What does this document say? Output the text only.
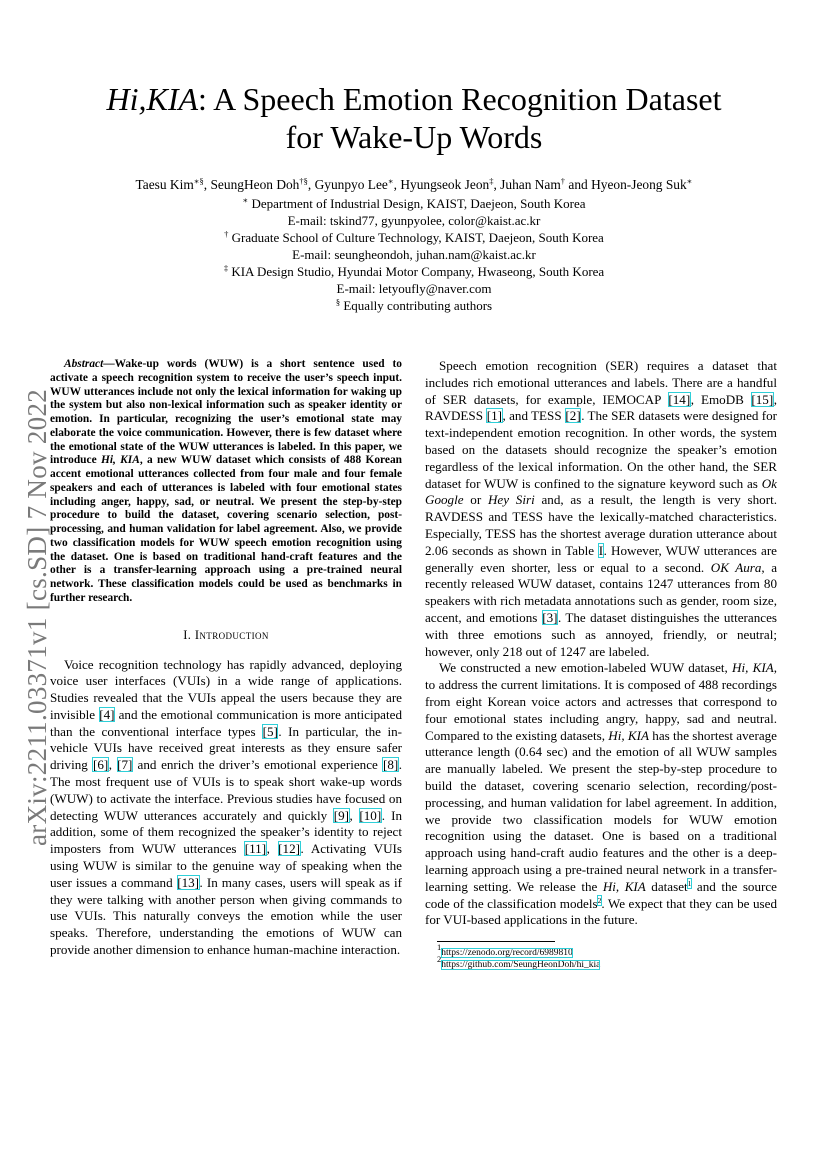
arXiv:2211.03371v1 [cs.SD] 7 Nov 2022
Hi,KIA: A Speech Emotion Recognition Dataset
for Wake-Up Words
Taesu Kim∗§, SeungHeon Doh†§, Gyunpyo Lee∗, Hyungseok Jeon‡, Juhan Nam† and Hyeon-Jeong Suk∗
∗ Department of Industrial Design, KAIST, Daejeon, South Korea
E-mail: tskind77, gyunpyolee, color@kaist.ac.kr
† Graduate School of Culture Technology, KAIST, Daejeon, South Korea
E-mail: seungheondoh, juhan.nam@kaist.ac.kr
‡ KIA Design Studio, Hyundai Motor Company, Hwaseong, South Korea
E-mail: letyoufly@naver.com
§ Equally contributing authors

Abstract—Wake-up words (WUW) is a short sentence used to activate a speech recognition system to receive the user’s speech input. WUW utterances include not only the lexical information for waking up the system but also non-lexical information such as speaker identity or emotion. In particular, recognizing the user’s emotional state may elaborate the voice communication. However, there is few dataset where the emotional state of the WUW utterances is labeled. In this paper, we introduce Hi, KIA, a new WUW dataset which consists of 488 Korean accent emotional utterances collected from four male and four female speakers and each of utterances is labeled with four emotional states including anger, happy, sad, or neutral. We present the step-by-step procedure to build the dataset, covering scenario selection, post-processing, and human validation for label agreement. Also, we provide two classification models for WUW speech emotion recognition using the dataset. One is based on traditional hand-craft features and the other is a transfer-learning approach using a pre-trained neural network. These classification models could be used as benchmarks in further research.

I. Introduction

Voice recognition technology has rapidly advanced, deploying voice user interfaces (VUIs) in a wide range of applications. Studies revealed that the VUIs appeal the users because they are invisible [4] and the emotional communication is more anticipated than the conventional interface types [5]. In particular, the in-vehicle VUIs have received great interests as they ensure safer driving [6], [7] and enrich the driver’s emotional experience [8]. The most frequent use of VUIs is to speak short wake-up words (WUW) to activate the interface. Previous studies have focused on detecting WUW utterances accurately and quickly [9], [10]. In addition, some of them recognized the speaker’s identity to reject imposters from WUW utterances [11], [12]. Activating VUIs using WUW is similar to the genuine way of speaking when the user issues a command [13]. In many cases, users will speak as if they were talking with another person when giving commands to use VUIs. This naturally conveys the emotion while the user speaks. Therefore, understanding the emotions of WUW can provide another dimension to enhance human-machine interaction.

Speech emotion recognition (SER) requires a dataset that includes rich emotional utterances and labels. There are a handful of SER datasets, for example, IEMOCAP [14], EmoDB [15], RAVDESS [1], and TESS [2]. The SER datasets were designed for text-independent emotion recognition. In other words, the system based on the datasets should recognize the speaker’s emotion regardless of the lexical information. On the other hand, the SER dataset for WUW is confined to the signature keyword such as Ok Google or Hey Siri and, as a result, the length is very short. RAVDESS and TESS have the lexically-matched characteristics. Especially, TESS has the shortest average duration utterance about 2.06 seconds as shown in Table I. However, WUW utterances are generally even shorter, less or equal to a second. OK Aura, a recently released WUW dataset, contains 1247 utterances from 80 speakers with rich metadata annotations such as gender, room size, accent, and emotions [3]. The dataset distinguishes the utterances with three emotions such as annoyed, friendly, or neutral; however, only 218 out of 1247 are labeled.

We constructed a new emotion-labeled WUW dataset, Hi, KIA, to address the current limitations. It is composed of 488 recordings from eight Korean voice actors and actresses that correspond to four emotional states including angry, happy, sad and neutral. Compared to the existing datasets, Hi, KIA has the shortest average utterance length (0.64 sec) and the emotion of all WUW samples are manually labeled. We present the step-by-step procedure to build the dataset, covering scenario selection, recording/post-processing, and human validation for label agreement. In addition, we provide two classification models for WUW emotion recognition using the dataset. One is based on a traditional approach using hand-craft audio features and the other is a deep-learning approach using a pre-trained neural network in a transfer-learning setting. We release the Hi, KIA dataset$^1$ and the source code of the classification models$^2$. We expect that they can be used for VUI-based applications in the future.

$^1$https://zenodo.org/record/6989810

$^2$https://github.com/SeungHeonDoh/hi_kia
